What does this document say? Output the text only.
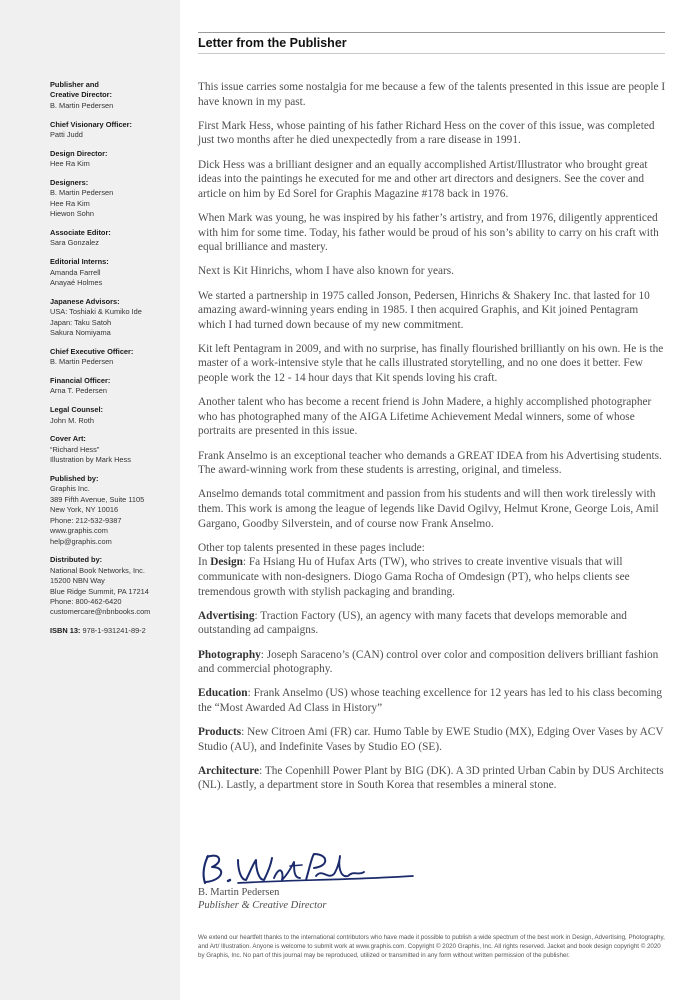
Letter from the Publisher
Publisher and
Creative Director:
B. Martin Pedersen
Chief Visionary Officer:
Patti Judd
Design Director:
Hee Ra Kim
Designers:
B. Martin Pedersen
Hee Ra Kim
Hiewon Sohn
Associate Editor:
Sara Gonzalez
Editorial Interns:
Amanda Farrell
Anayaé Holmes
Japanese Advisors:
USA: Toshiaki & Kumiko Ide
Japan: Taku Satoh
Sakura Nomiyama
Chief Executive Officer:
B. Martin Pedersen
Financial Officer:
Arna T. Pedersen
Legal Counsel:
John M. Roth
Cover Art:
“Richard Hess”
Illustration by Mark Hess
Published by:
Graphis Inc.
389 Fifth Avenue, Suite 1105
New York, NY 10016
Phone: 212-532-9387
www.graphis.com
help@graphis.com
Distributed by:
National Book Networks, Inc.
15200 NBN Way
Blue Ridge Summit, PA 17214
Phone: 800-462-6420
customercare@nbnbooks.com
ISBN 13: 978-1-931241-89-2

This issue carries some nostalgia for me because a few of the talents presented in this issue are people I have known in my past.

First Mark Hess, whose painting of his father Richard Hess on the cover of this issue, was completed just two months after he died unexpectedly from a rare disease in 1991.

Dick Hess was a brilliant designer and an equally accomplished Artist/Illustrator who brought great ideas into the paintings he executed for me and other art directors and designers. See the cover and article on him by Ed Sorel for Graphis Magazine #178 back in 1976.

When Mark was young, he was inspired by his father’s artistry, and from 1976, diligently apprenticed with him for some time. Today, his father would be proud of his son’s ability to carry on his craft with equal brilliance and mastery.

Next is Kit Hinrichs, whom I have also known for years.

We started a partnership in 1975 called Jonson, Pedersen, Hinrichs & Shakery Inc. that lasted for 10 amazing award-winning years ending in 1985. I then acquired Graphis, and Kit joined Pentagram which I had turned down because of my new commitment.

Kit left Pentagram in 2009, and with no surprise, has finally flourished brilliantly on his own. He is the master of a work-intensive style that he calls illustrated storytelling, and no one does it better. Few people work the 12 - 14 hour days that Kit spends loving his craft.

Another talent who has become a recent friend is John Madere, a highly accomplished photographer who has photographed many of the AIGA Lifetime Achievement Medal winners, some of whose portraits are presented in this issue.

Frank Anselmo is an exceptional teacher who demands a GREAT IDEA from his Advertising students. The award-winning work from these students is arresting, original, and timeless.

Anselmo demands total commitment and passion from his students and will then work tirelessly with them. This work is among the league of legends like David Ogilvy, Helmut Krone, George Lois, Amil Gargano, Goodby Silverstein, and of course now Frank Anselmo.

Other top talents presented in these pages include:

In Design: Fa Hsiang Hu of Hufax Arts (TW), who strives to create inventive visuals that will communicate with non-designers. Diogo Gama Rocha of Omdesign (PT), who helps clients see tremendous growth with stylish packaging and branding.

Advertising: Traction Factory (US), an agency with many facets that develops memorable and outstanding ad campaigns.

Photography: Joseph Saraceno’s (CAN) control over color and composition delivers brilliant fashion and commercial photography.

Education: Frank Anselmo (US) whose teaching excellence for 12 years has led to his class becoming the “Most Awarded Ad Class in History”

Products: New Citroen Ami (FR) car. Humo Table by EWE Studio (MX), Edging Over Vases by ACV Studio (AU), and Indefinite Vases by Studio EO (SE).

Architecture: The Copenhill Power Plant by BIG (DK). A 3D printed Urban Cabin by DUS Architects (NL). Lastly, a department store in South Korea that resembles a mineral stone.

B. Martin Pedersen
Publisher & Creative Director
We extend our heartfelt thanks to the international contributors who have made it possible to publish a wide spectrum of the best work in Design, Advertising, Photography, and Art/ Illustration. Anyone is welcome to submit work at www.graphis.com. Copyright © 2020 Graphis, Inc. All rights reserved. Jacket and book design copyright © 2020 by Graphis, Inc. No part of this journal may be reproduced, utilized or transmitted in any form without written permission of the publisher.
